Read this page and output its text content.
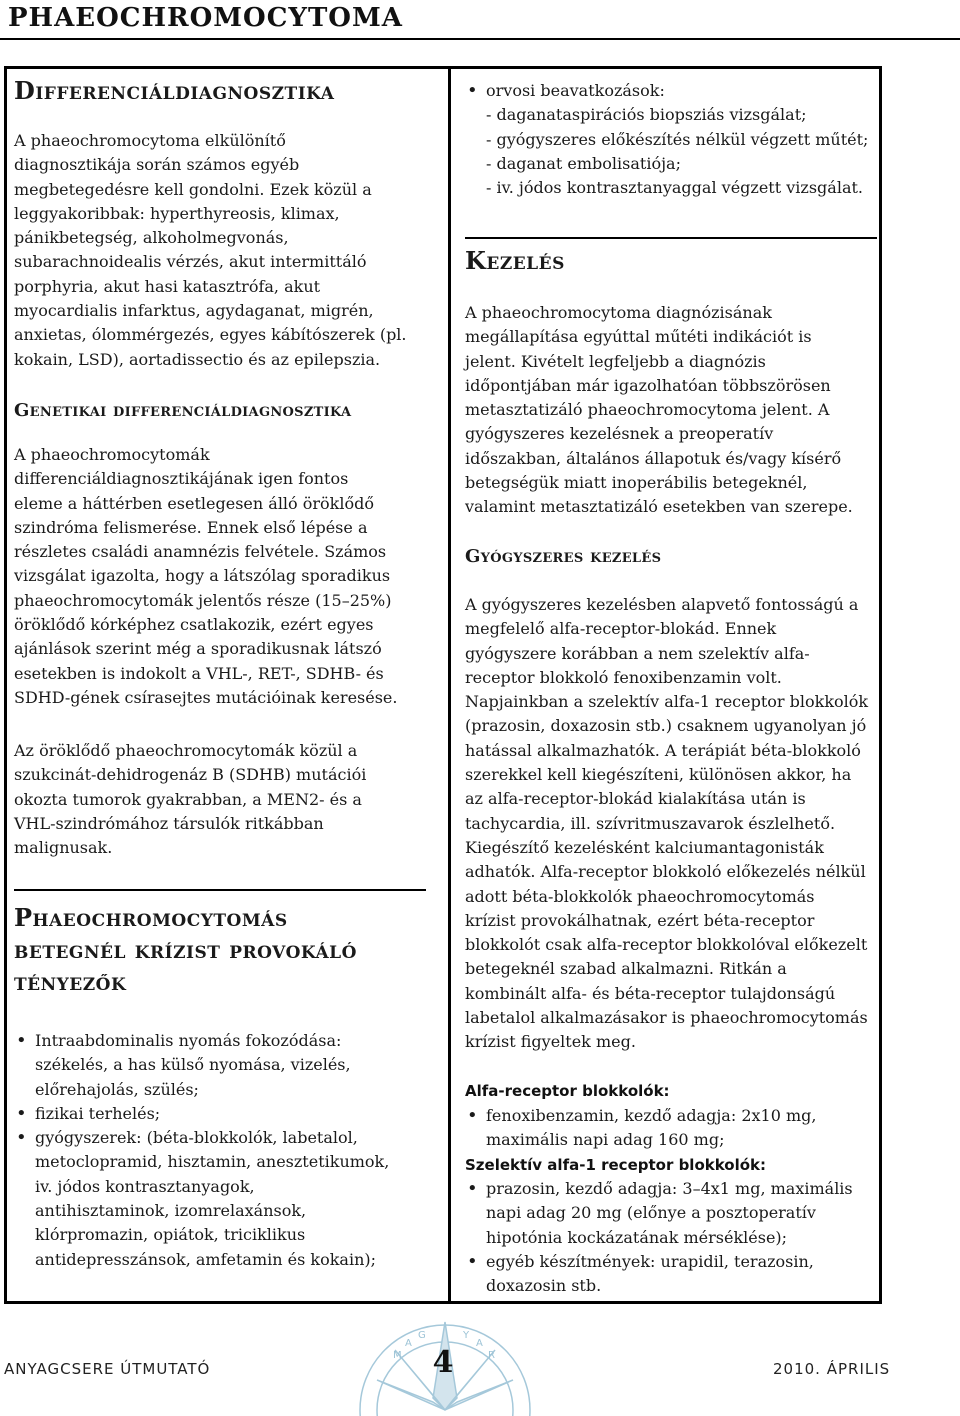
PHAEOCHROMOCYTOMA
Differenciáldiagnosztika

A phaeochromocytoma elkülönítő
diagnosztikája során számos egyéb
megbetegedésre kell gondolni. Ezek közül a
leggyakoribbak: hyperthyreosis, klimax,
pánikbetegség, alkoholmegvonás,
subarachnoidealis vérzés, akut intermittáló
porphyria, akut hasi katasztrófa, akut
myocardialis infarktus, agydaganat, migrén,
anxietas, ólommérgezés, egyes kábítószerek (pl.
kokain, LSD), aortadissectio és az epilepszia.

Genetikai differenciáldiagnosztika

A phaeochromocytomák
differenciáldiagnosztikájának igen fontos
eleme a háttérben esetlegesen álló öröklődő
szindróma felismerése. Ennek első lépése a
részletes családi anamnézis felvétele. Számos
vizsgálat igazolta, hogy a látszólag sporadikus
phaeochromocytomák jelentős része (15–25%)
öröklődő kórképhez csatlakozik, ezért egyes
ajánlások szerint még a sporadikusnak látszó
esetekben is indokolt a VHL-, RET-, SDHB- és
SDHD-gének csírasejtes mutációinak keresése.

Az öröklődő phaeochromocytomák közül a
szukcinát-dehidrogenáz B (SDHB) mutációi
okozta tumorok gyakrabban, a MEN2- és a
VHL-szindrómához társulók ritkábban
malignusak.

Phaeochromocytomás
betegnél krízist provokáló
tényezők
• Intraabdominalis nyomás fokozódása:
székelés, a has külső nyomása, vizelés,
előrehajolás, szülés;
• fizikai terhelés;
• gyógyszerek: (béta-blokkolók, labetalol,
metoclopramid, hisztamin, anesztetikumok,
iv. jódos kontrasztanyagok,
antihisztaminok, izomrelaxánsok,
klórpromazin, opiátok, triciklikus
antidepresszánsok, amfetamin és kokain);
• orvosi beavatkozások:
- daganataspirációs biopsziás vizsgálat;
- gyógyszeres előkészítés nélkül végzett műtét;
- daganat embolisatiója;
- iv. jódos kontrasztanyaggal végzett vizsgálat.
Kezelés

A phaeochromocytoma diagnózisának
megállapítása egyúttal műtéti indikációt is
jelent. Kivételt legfeljebb a diagnózis
időpontjában már igazolhatóan többszörösen
metasztatizáló phaeochromocytoma jelent. A
gyógyszeres kezelésnek a preoperatív
időszakban, általános állapotuk és/vagy kísérő
betegségük miatt inoperábilis betegeknél,
valamint metasztatizáló esetekben van szerepe.

Gyógyszeres kezelés

A gyógyszeres kezelésben alapvető fontosságú a
megfelelő alfa-receptor-blokád. Ennek
gyógyszere korábban a nem szelektív alfa-
receptor blokkoló fenoxibenzamin volt.
Napjainkban a szelektív alfa-1 receptor blokkolók
(prazosin, doxazosin stb.) csaknem ugyanolyan jó
hatással alkalmazhatók. A terápiát béta-blokkoló
szerekkel kell kiegészíteni, különösen akkor, ha
az alfa-receptor-blokád kialakítása után is
tachycardia, ill. szívritmuszavarok észlelhető.
Kiegészítő kezelésként kalciumantagonisták
adhatók. Alfa-receptor blokkoló előkezelés nélkül
adott béta-blokkolók phaeochromocytomás
krízist provokálhatnak, ezért béta-receptor
blokkolót csak alfa-receptor blokkolóval előkezelt
betegeknél szabad alkalmazni. Ritkán a
kombinált alfa- és béta-receptor tulajdonságú
labetalol alkalmazásakor is phaeochromocytomás
krízist figyeltek meg.

Alfa-receptor blokkolók:

• fenoxibenzamin, kezdő adagja: 2x10 mg,
maximális napi adag 160 mg;

Szelektív alfa-1 receptor blokkolók:

• prazosin, kezdő adagja: 3–4x1 mg, maximális
napi adag 20 mg (előnye a posztoperatív
hipotónia kockázatának mérséklése);
• egyéb készítmények: urapidil, terazosin,
doxazosin stb.
M
A
G	Y
A
R
ANYAGCSERE ÚTMUTATÓ	4	2010. ÁPRILIS
